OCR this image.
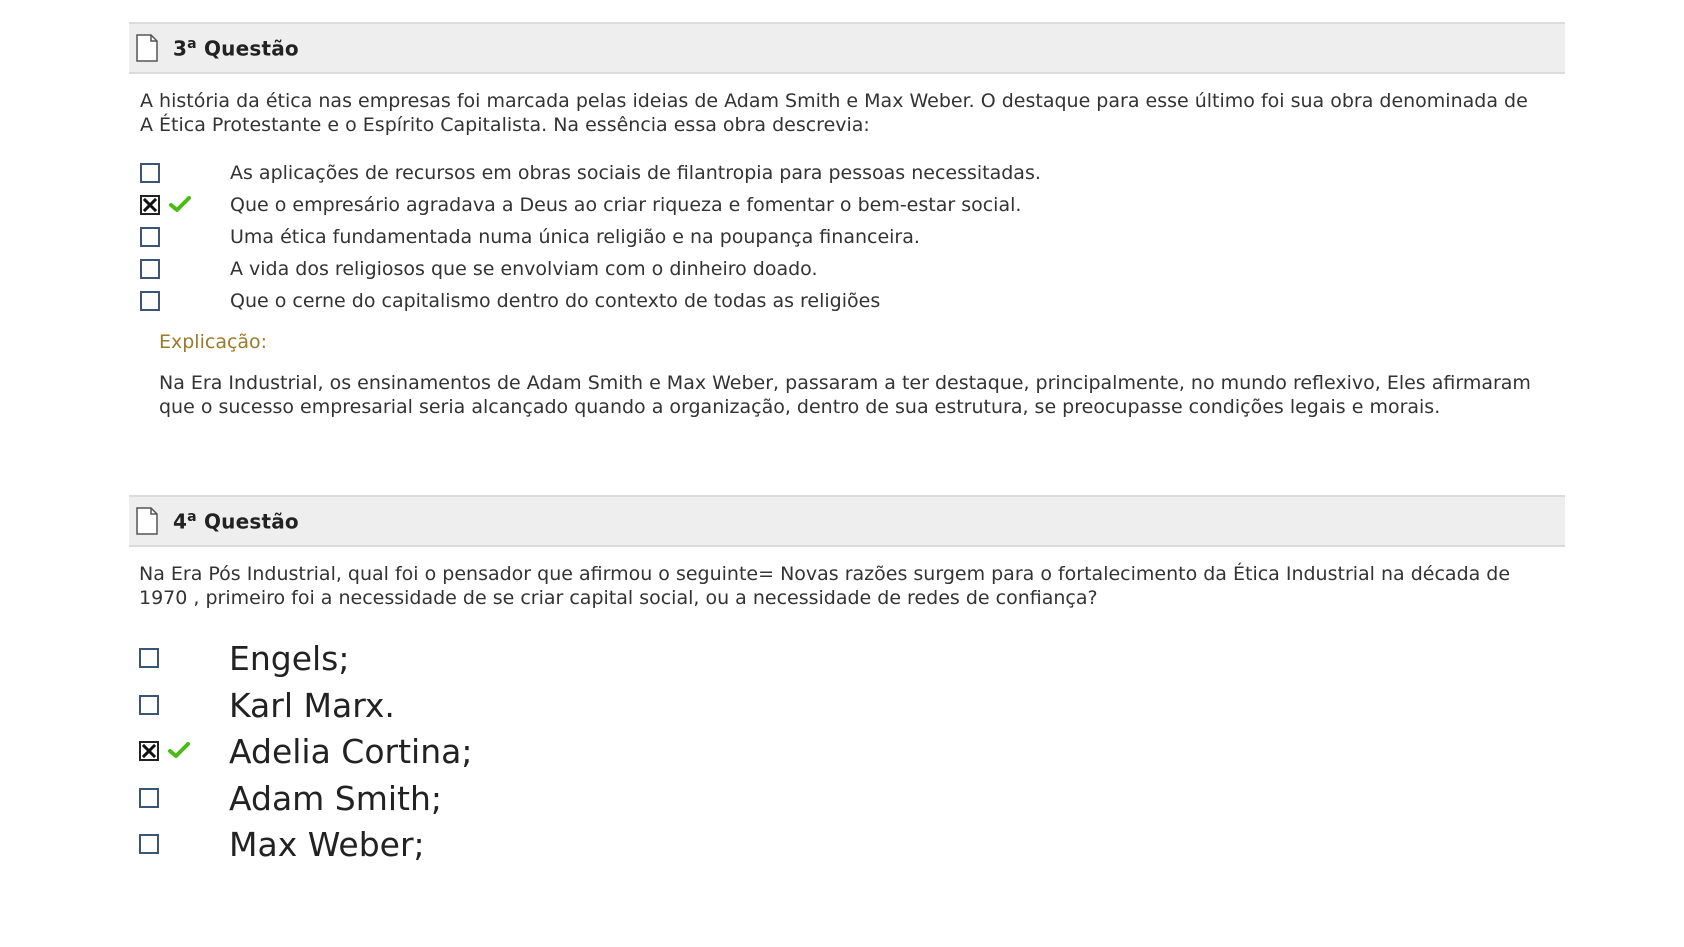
3$^a$ Questão
A história da ética nas empresas foi marcada pelas ideias de Adam Smith e Max Weber. O destaque para esse último foi sua obra denominada de A Ética Protestante e o Espírito Capitalista. Na essência essa obra descrevia:
As aplicações de recursos em obras sociais de filantropia para pessoas necessitadas.
Que o empresário agradava a Deus ao criar riqueza e fomentar o bem-estar social.
Uma ética fundamentada numa única religião e na poupança financeira.
A vida dos religiosos que se envolviam com o dinheiro doado.
Que o cerne do capitalismo dentro do contexto de todas as religiões
Explicação:
Na Era Industrial, os ensinamentos de Adam Smith e Max Weber, passaram a ter destaque, principalmente, no mundo reflexivo, Eles afirmaram que o sucesso empresarial seria alcançado quando a organização, dentro de sua estrutura, se preocupasse condições legais e morais.
4$^a$ Questão
Na Era Pós Industrial, qual foi o pensador que afirmou o seguinte= Novas razões surgem para o fortalecimento da Ética Industrial na década de 1970 , primeiro foi a necessidade de se criar capital social, ou a necessidade de redes de confiança?
Engels;
Karl Marx.
Adelia Cortina;
Adam Smith;
Max Weber;
